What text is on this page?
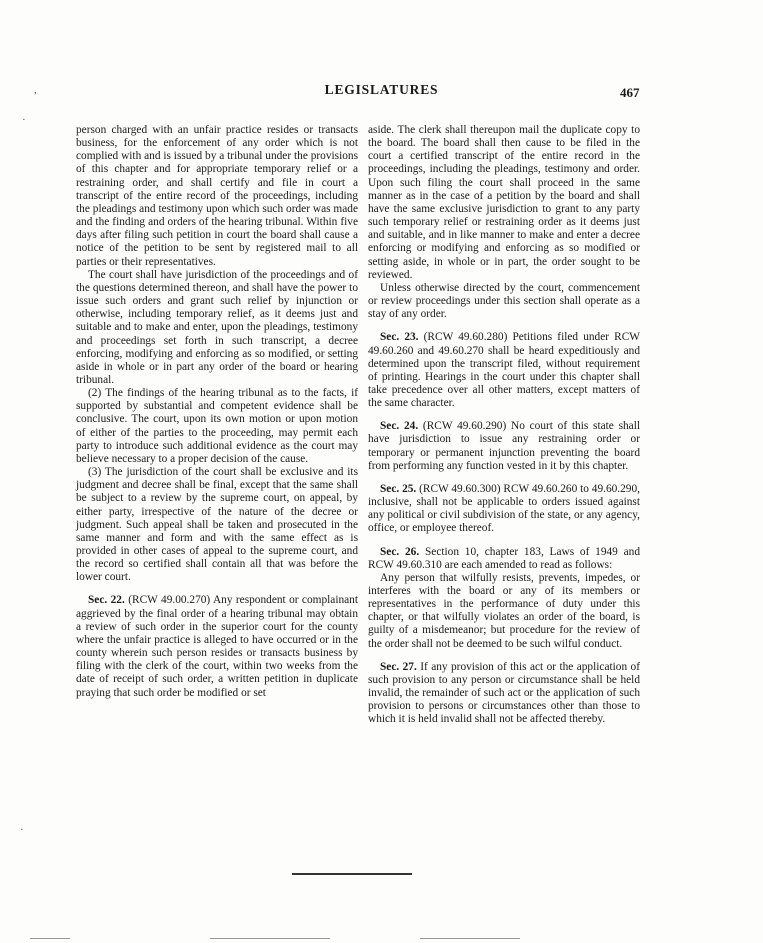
LEGISLATURES	467

person charged with an unfair practice resides or transacts business, for the enforcement of any order which is not complied with and is issued by a tribunal under the provisions of this chapter and for appropriate temporary relief or a restraining order, and shall certify and file in court a transcript of the entire record of the proceedings, including the pleadings and testimony upon which such order was made and the finding and orders of the hearing tribunal. Within five days after filing such petition in court the board shall cause a notice of the petition to be sent by registered mail to all parties or their representatives.

The court shall have jurisdiction of the proceedings and of the questions determined thereon, and shall have the power to issue such orders and grant such relief by injunction or otherwise, including temporary relief, as it deems just and suitable and to make and enter, upon the pleadings, testimony and proceedings set forth in such transcript, a decree enforcing, modifying and enforcing as so modified, or setting aside in whole or in part any order of the board or hearing tribunal.

(2) The findings of the hearing tribunal as to the facts, if supported by substantial and competent evidence shall be conclusive. The court, upon its own motion or upon motion of either of the parties to the proceeding, may permit each party to introduce such additional evidence as the court may believe necessary to a proper decision of the cause.

(3) The jurisdiction of the court shall be exclusive and its judgment and decree shall be final, except that the same shall be subject to a review by the supreme court, on appeal, by either party, irrespective of the nature of the decree or judgment. Such appeal shall be taken and prosecuted in the same manner and form and with the same effect as is provided in other cases of appeal to the supreme court, and the record so certified shall contain all that was before the lower court.

Sec. 22. (RCW 49.00.270) Any respondent or complainant aggrieved by the final order of a hearing tribunal may obtain a review of such order in the superior court for the county where the unfair practice is alleged to have occurred or in the county wherein such person resides or transacts business by filing with the clerk of the court, within two weeks from the date of receipt of such order, a written petition in duplicate praying that such order be modified or set

aside. The clerk shall thereupon mail the duplicate copy to the board. The board shall then cause to be filed in the court a certified transcript of the entire record in the proceedings, including the pleadings, testimony and order. Upon such filing the court shall proceed in the same manner as in the case of a petition by the board and shall have the same exclusive jurisdiction to grant to any party such temporary relief or restraining order as it deems just and suitable, and in like manner to make and enter a decree enforcing or modifying and enforcing as so modified or setting aside, in whole or in part, the order sought to be reviewed.

Unless otherwise directed by the court, commencement or review proceedings under this section shall operate as a stay of any order.

Sec. 23. (RCW 49.60.280) Petitions filed under RCW 49.60.260 and 49.60.270 shall be heard expeditiously and determined upon the transcript filed, without requirement of printing. Hearings in the court under this chapter shall take precedence over all other matters, except matters of the same character.

Sec. 24. (RCW 49.60.290) No court of this state shall have jurisdiction to issue any restraining order or temporary or permanent injunction preventing the board from performing any function vested in it by this chapter.

Sec. 25. (RCW 49.60.300) RCW 49.60.260 to 49.60.290, inclusive, shall not be applicable to orders issued against any political or civil subdivision of the state, or any agency, office, or employee thereof.

Sec. 26. Section 10, chapter 183, Laws of 1949 and RCW 49.60.310 are each amended to read as follows:

Any person that wilfully resists, prevents, impedes, or interferes with the board or any of its members or representatives in the performance of duty under this chapter, or that wilfully violates an order of the board, is guilty of a misdemeanor; but procedure for the review of the order shall not be deemed to be such wilful conduct.

Sec. 27. If any provision of this act or the application of such provision to any person or circumstance shall be held invalid, the remainder of such act or the application of such provision to persons or circumstances other than those to which it is held invalid shall not be affected thereby.

,
·
·
